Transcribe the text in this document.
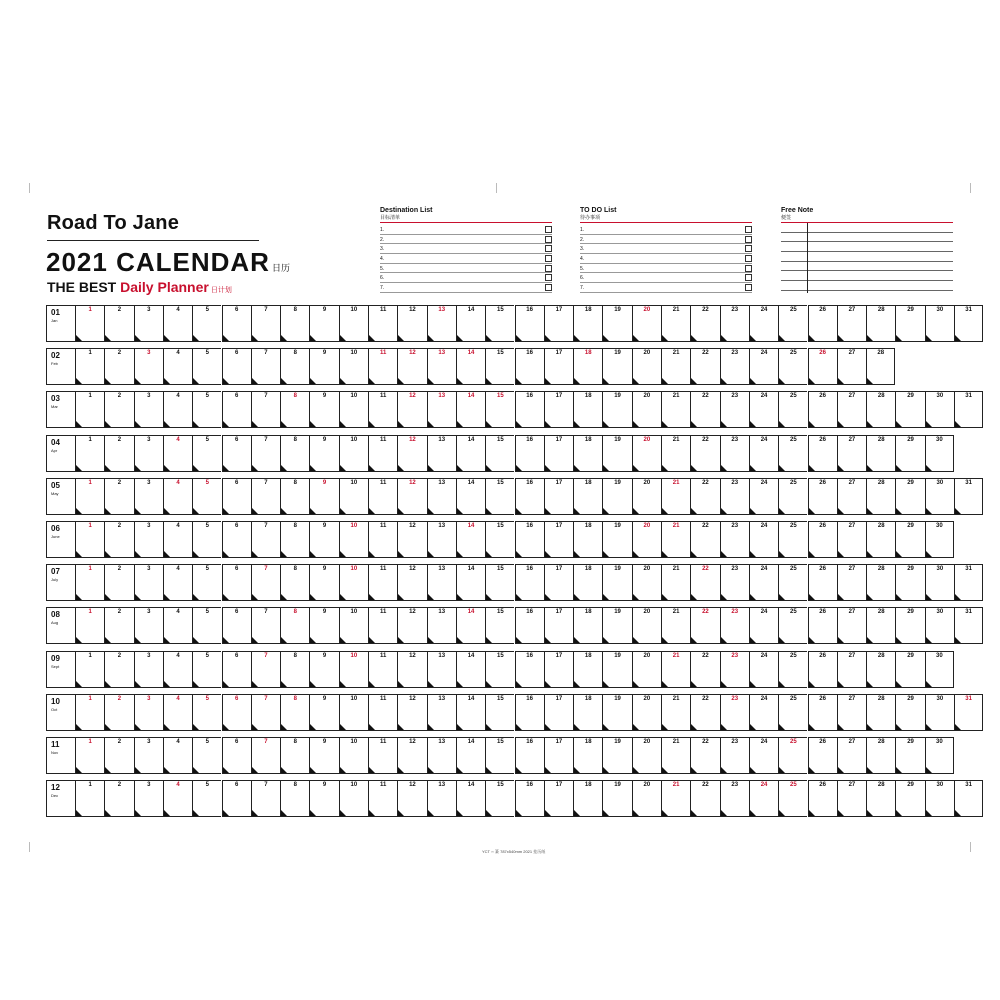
Road To Jane
2021 CALENDAR 日历
THE BEST Daily Planner 日计划
Destination List
目标清单
1.
2.
3.
4.
5.
6.
7.
TO DO List
待办事项
1.
2.
3.
4.
5.
6.
7.
Free Note
便签
01
Jan
1	2	3	4	5	6	7	8	9	10	11	12	13	14	15	16	17	18	19	20	21	22	23	24	25	26	27	28	29	30	31
02
Feb
1	2	3	4	5	6	7	8	9	10	11	12	13	14	15	16	17	18	19	20	21	22	23	24	25	26	27	28
03
Mar
1	2	3	4	5	6	7	8	9	10	11	12	13	14	15	16	17	18	19	20	21	22	23	24	25	26	27	28	29	30	31
04
Apr
1	2	3	4	5	6	7	8	9	10	11	12	13	14	15	16	17	18	19	20	21	22	23	24	25	26	27	28	29	30
05
May
1	2	3	4	5	6	7	8	9	10	11	12	13	14	15	16	17	18	19	20	21	22	23	24	25	26	27	28	29	30	31
06
June
1	2	3	4	5	6	7	8	9	10	11	12	13	14	15	16	17	18	19	20	21	22	23	24	25	26	27	28	29	30
07
July
1	2	3	4	5	6	7	8	9	10	11	12	13	14	15	16	17	18	19	20	21	22	23	24	25	26	27	28	29	30	31
08
Aug
1	2	3	4	5	6	7	8	9	10	11	12	13	14	15	16	17	18	19	20	21	22	23	24	25	26	27	28	29	30	31
09
Sept
1	2	3	4	5	6	7	8	9	10	11	12	13	14	15	16	17	18	19	20	21	22	23	24	25	26	27	28	29	30
10
Oct
1	2	3	4	5	6	7	8	9	10	11	12	13	14	15	16	17	18	19	20	21	22	23	24	25	26	27	28	29	30	31
11
Nov
1	2	3	4	5	6	7	8	9	10	11	12	13	14	15	16	17	18	19	20	21	22	23	24	25	26	27	28	29	30
12
Dec
1	2	3	4	5	6	7	8	9	10	11	12	13	14	15	16	17	18	19	20	21	22	23	24	25	26	27	28	29	30	31
YCT ▫▫ 篆 787x540mm 2021 挂历纸
